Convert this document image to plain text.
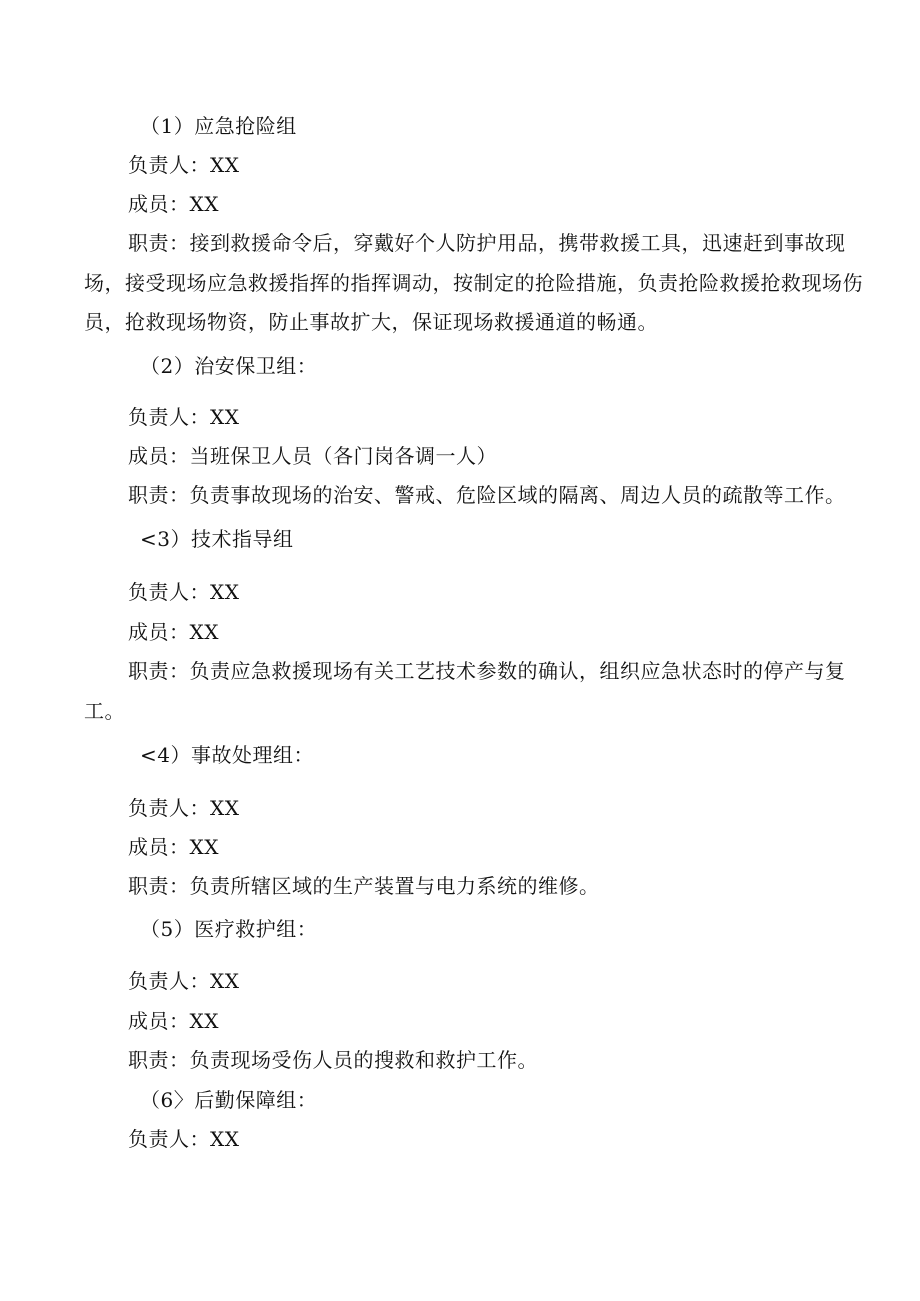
（1）应急抢险组
负责人：XX
成员：XX
职责：接到救援命令后，穿戴好个人防护用品，携带救援工具，迅速赶到事故现
场，接受现场应急救援指挥的指挥调动，按制定的抢险措施，负责抢险救援抢救现场伤
员，抢救现场物资，防止事故扩大，保证现场救援通道的畅通。
（2）治安保卫组：
负责人：XX
成员：当班保卫人员（各门岗各调一人）
职责：负责事故现场的治安、警戒、危险区域的隔离、周边人员的疏散等工作。
<3）技术指导组
负责人：XX
成员：XX
职责：负责应急救援现场有关工艺技术参数的确认，组织应急状态时的停产与复
工。
<4）事故处理组：
负责人：XX
成员：XX
职责：负责所辖区域的生产装置与电力系统的维修。
（5）医疗救护组：
负责人：XX
成员：XX
职责：负责现场受伤人员的搜救和救护工作。
（6〉后勤保障组：
负责人：XX
